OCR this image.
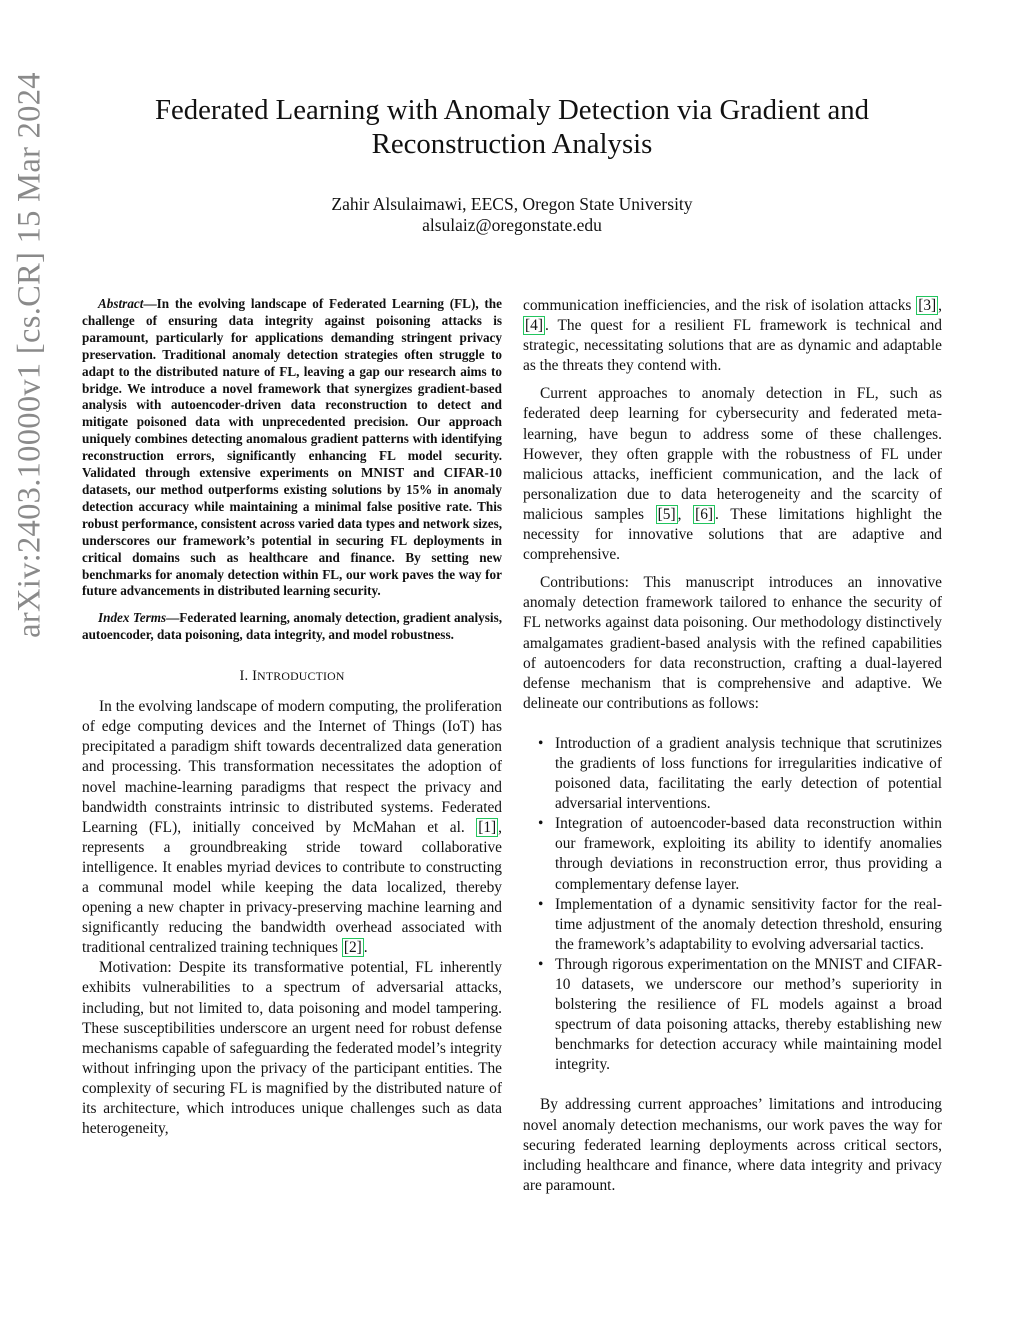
arXiv:2403.10000v1 [cs.CR] 15 Mar 2024	Federated Learning with Anomaly Detection via Gradient and
Reconstruction Analysis
Zahir Alsulaimawi, EECS, Oregon State University
alsulaiz@oregonstate.edu

Abstract—In the evolving landscape of Federated Learning (FL), the challenge of ensuring data integrity against poisoning attacks is paramount, particularly for applications demanding stringent privacy preservation. Traditional anomaly detection strategies often struggle to adapt to the distributed nature of FL, leaving a gap our research aims to bridge. We introduce a novel framework that synergizes gradient-based analysis with autoencoder-driven data reconstruction to detect and mitigate poisoned data with unprecedented precision. Our approach uniquely combines detecting anomalous gradient patterns with identifying reconstruction errors, significantly enhancing FL model security. Validated through extensive experiments on MNIST and CIFAR-10 datasets, our method outperforms existing solutions by 15% in anomaly detection accuracy while maintaining a minimal false positive rate. This robust performance, consistent across varied data types and network sizes, underscores our framework’s potential in securing FL deployments in critical domains such as healthcare and finance. By setting new benchmarks for anomaly detection within FL, our work paves the way for future advancements in distributed learning security.

Index Terms—Federated learning, anomaly detection, gradient analysis, autoencoder, data poisoning, data integrity, and model robustness.

I. INTRODUCTION

In the evolving landscape of modern computing, the proliferation of edge computing devices and the Internet of Things (IoT) has precipitated a paradigm shift towards decentralized data generation and processing. This transformation necessitates the adoption of novel machine-learning paradigms that respect the privacy and bandwidth constraints intrinsic to distributed systems. Federated Learning (FL), initially conceived by McMahan et al. [1] , represents a groundbreaking stride toward collaborative intelligence. It enables myriad devices to contribute to constructing a communal model while keeping the data localized, thereby opening a new chapter in privacy-preserving machine learning and significantly reducing the bandwidth overhead associated with traditional centralized training techniques [2] .

Motivation: Despite its transformative potential, FL inherently exhibits vulnerabilities to a spectrum of adversarial attacks, including, but not limited to, data poisoning and model tampering. These susceptibilities underscore an urgent need for robust defense mechanisms capable of safeguarding the federated model’s integrity without infringing upon the privacy of the participant entities. The complexity of securing FL is magnified by the distributed nature of its architecture, which introduces unique challenges such as data heterogeneity,

communication inefficiencies, and the risk of isolation attacks [3] , [4] . The quest for a resilient FL framework is technical and strategic, necessitating solutions that are as dynamic and adaptable as the threats they contend with.

Current approaches to anomaly detection in FL, such as federated deep learning for cybersecurity and federated meta-learning, have begun to address some of these challenges. However, they often grapple with the robustness of FL under malicious attacks, inefficient communication, and the lack of personalization due to data heterogeneity and the scarcity of malicious samples [5] , [6] . These limitations highlight the necessity for innovative solutions that are adaptive and comprehensive.

Contributions: This manuscript introduces an innovative anomaly detection framework tailored to enhance the security of FL networks against data poisoning. Our methodology distinctively amalgamates gradient-based analysis with the refined capabilities of autoencoders for data reconstruction, crafting a dual-layered defense mechanism that is comprehensive and adaptive. We delineate our contributions as follows:

• Introduction of a gradient analysis technique that scrutinizes the gradients of loss functions for irregularities indicative of poisoned data, facilitating the early detection of potential adversarial interventions.
• Integration of autoencoder-based data reconstruction within our framework, exploiting its ability to identify anomalies through deviations in reconstruction error, thus providing a complementary defense layer.
• Implementation of a dynamic sensitivity factor for the real-time adjustment of the anomaly detection threshold, ensuring the framework’s adaptability to evolving adversarial tactics.
• Through rigorous experimentation on the MNIST and CIFAR-10 datasets, we underscore our method’s superiority in bolstering the resilience of FL models against a broad spectrum of data poisoning attacks, thereby establishing new benchmarks for detection accuracy while maintaining model integrity.

By addressing current approaches’ limitations and introducing novel anomaly detection mechanisms, our work paves the way for securing federated learning deployments across critical sectors, including healthcare and finance, where data integrity and privacy are paramount.
